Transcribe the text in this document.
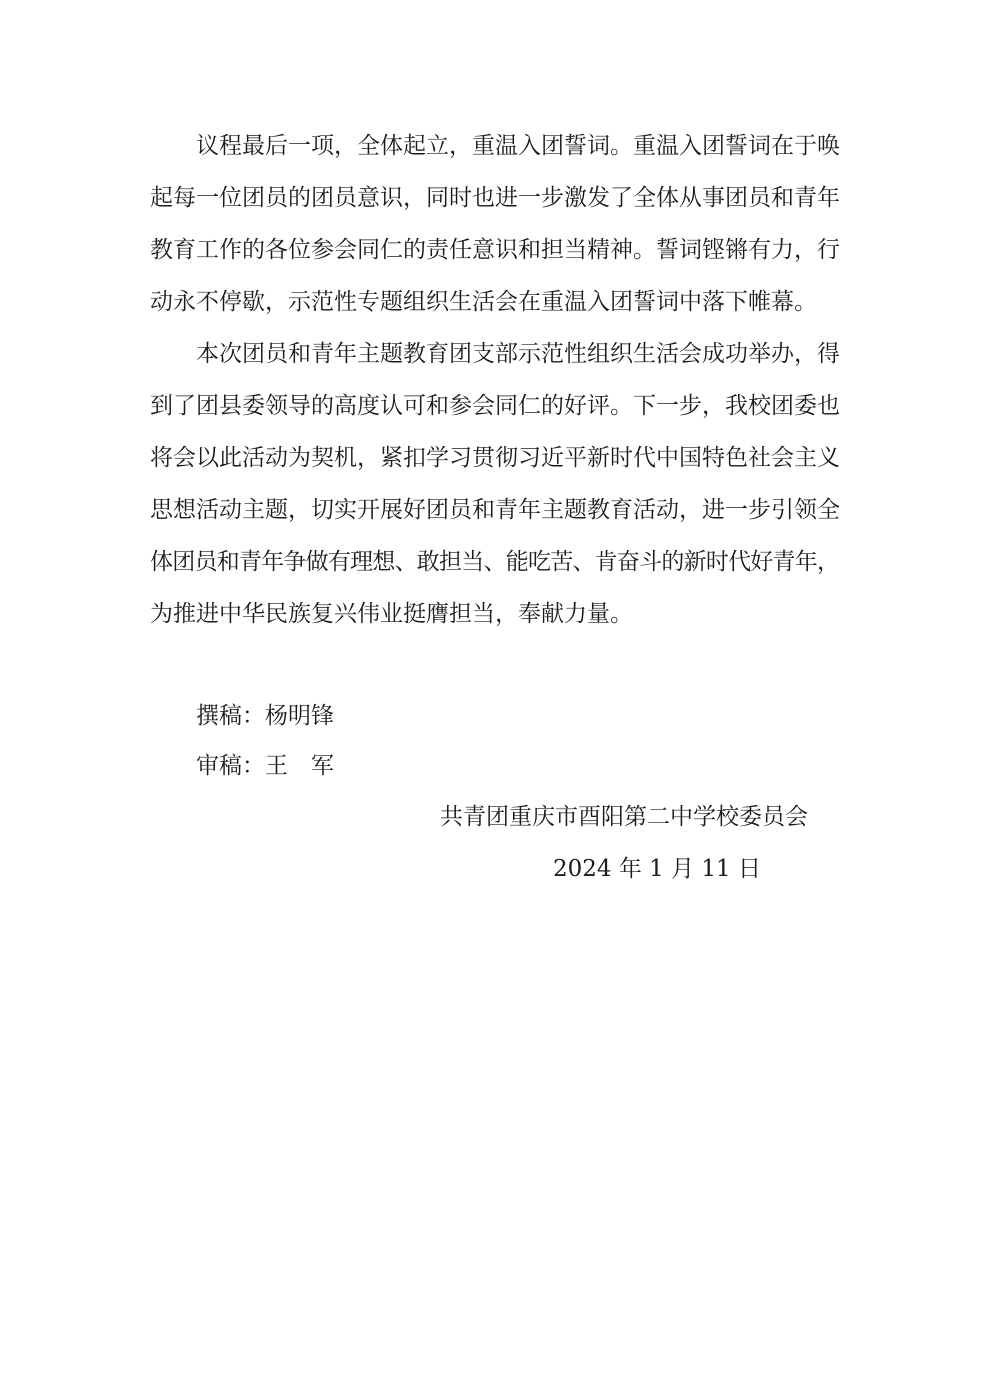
议程最后一项，全体起立，重温入团誓词。重温入团誓词在于唤
起每一位团员的团员意识，同时也进一步激发了全体从事团员和青年
教育工作的各位参会同仁的责任意识和担当精神。誓词铿锵有力，行
动永不停歇，示范性专题组织生活会在重温入团誓词中落下帷幕。
本次团员和青年主题教育团支部示范性组织生活会成功举办，得
到了团县委领导的高度认可和参会同仁的好评。下一步，我校团委也
将会以此活动为契机，紧扣学习贯彻习近平新时代中国特色社会主义
思想活动主题，切实开展好团员和青年主题教育活动，进一步引领全
体团员和青年争做有理想、敢担当、能吃苦、肯奋斗的新时代好青年，
为推进中华民族复兴伟业挺膺担当，奉献力量。
撰稿：杨明锋
审稿：王　军
共青团重庆市酉阳第二中学校委员会
2024 年 1 月 11 日
